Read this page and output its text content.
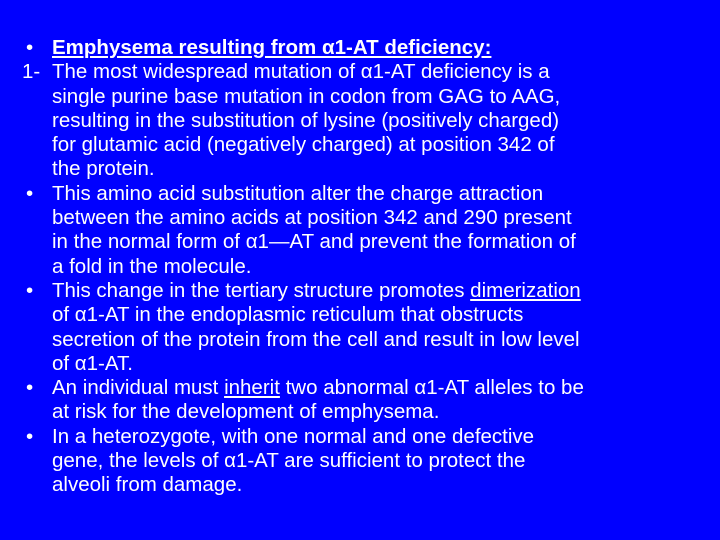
• Emphysema resulting from α1-AT deficiency:
1- The most widespread mutation of α1-AT deficiency is a
single purine base mutation in codon from GAG to AAG,
resulting in the substitution of lysine (positively charged)
for glutamic acid (negatively charged) at position 342 of
the protein.
• This amino acid substitution alter the charge attraction
between the amino acids at position 342 and 290 present
in the normal form of α1—AT and prevent the formation of
a fold in the molecule.
• This change in the tertiary structure promotes dimerization
of α1-AT in the endoplasmic reticulum that obstructs
secretion of the protein from the cell and result in low level
of α1-AT.
• An individual must inherit two abnormal α1-AT alleles to be
at risk for the development of emphysema.
• In a heterozygote, with one normal and one defective
gene, the levels of α1-AT are sufficient to protect the
alveoli from damage.
